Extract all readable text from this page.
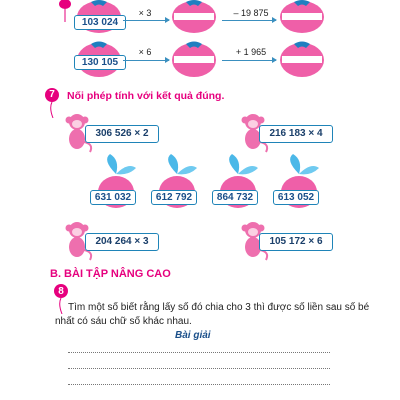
103 024
× 3	– 19 875
130 105
× 6	+ 1 965
7	Nối phép tính với kết quả đúng.
306 526 × 2	216 183 × 4
631 032	612 792	864 732	613 052
204 264 × 3	105 172 × 6
B. BÀI TẬP NÂNG CAO
8
Tìm một số biết rằng lấy số đó chia cho 3 thì được số liền sau số bé
nhất có sáu chữ số khác nhau.
Bài giải
